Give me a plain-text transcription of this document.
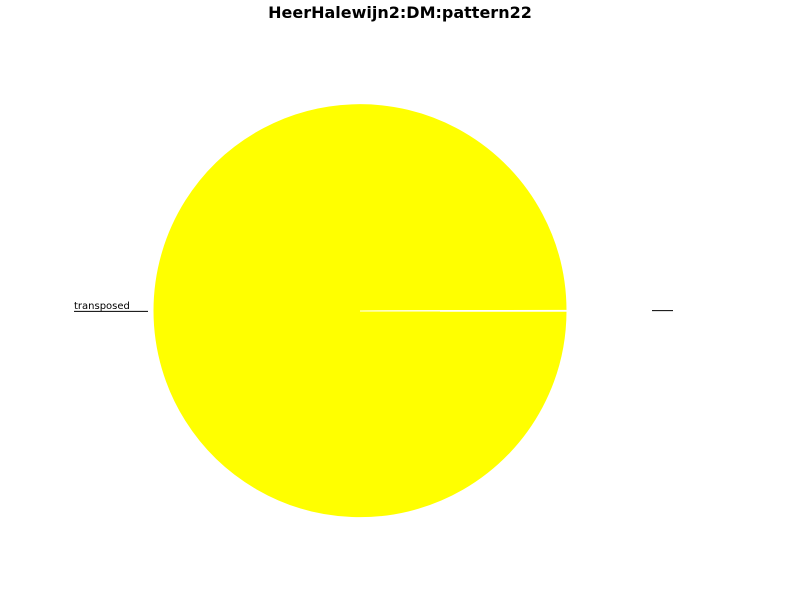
HeerHalewijn2:DM:pattern22
transposed
